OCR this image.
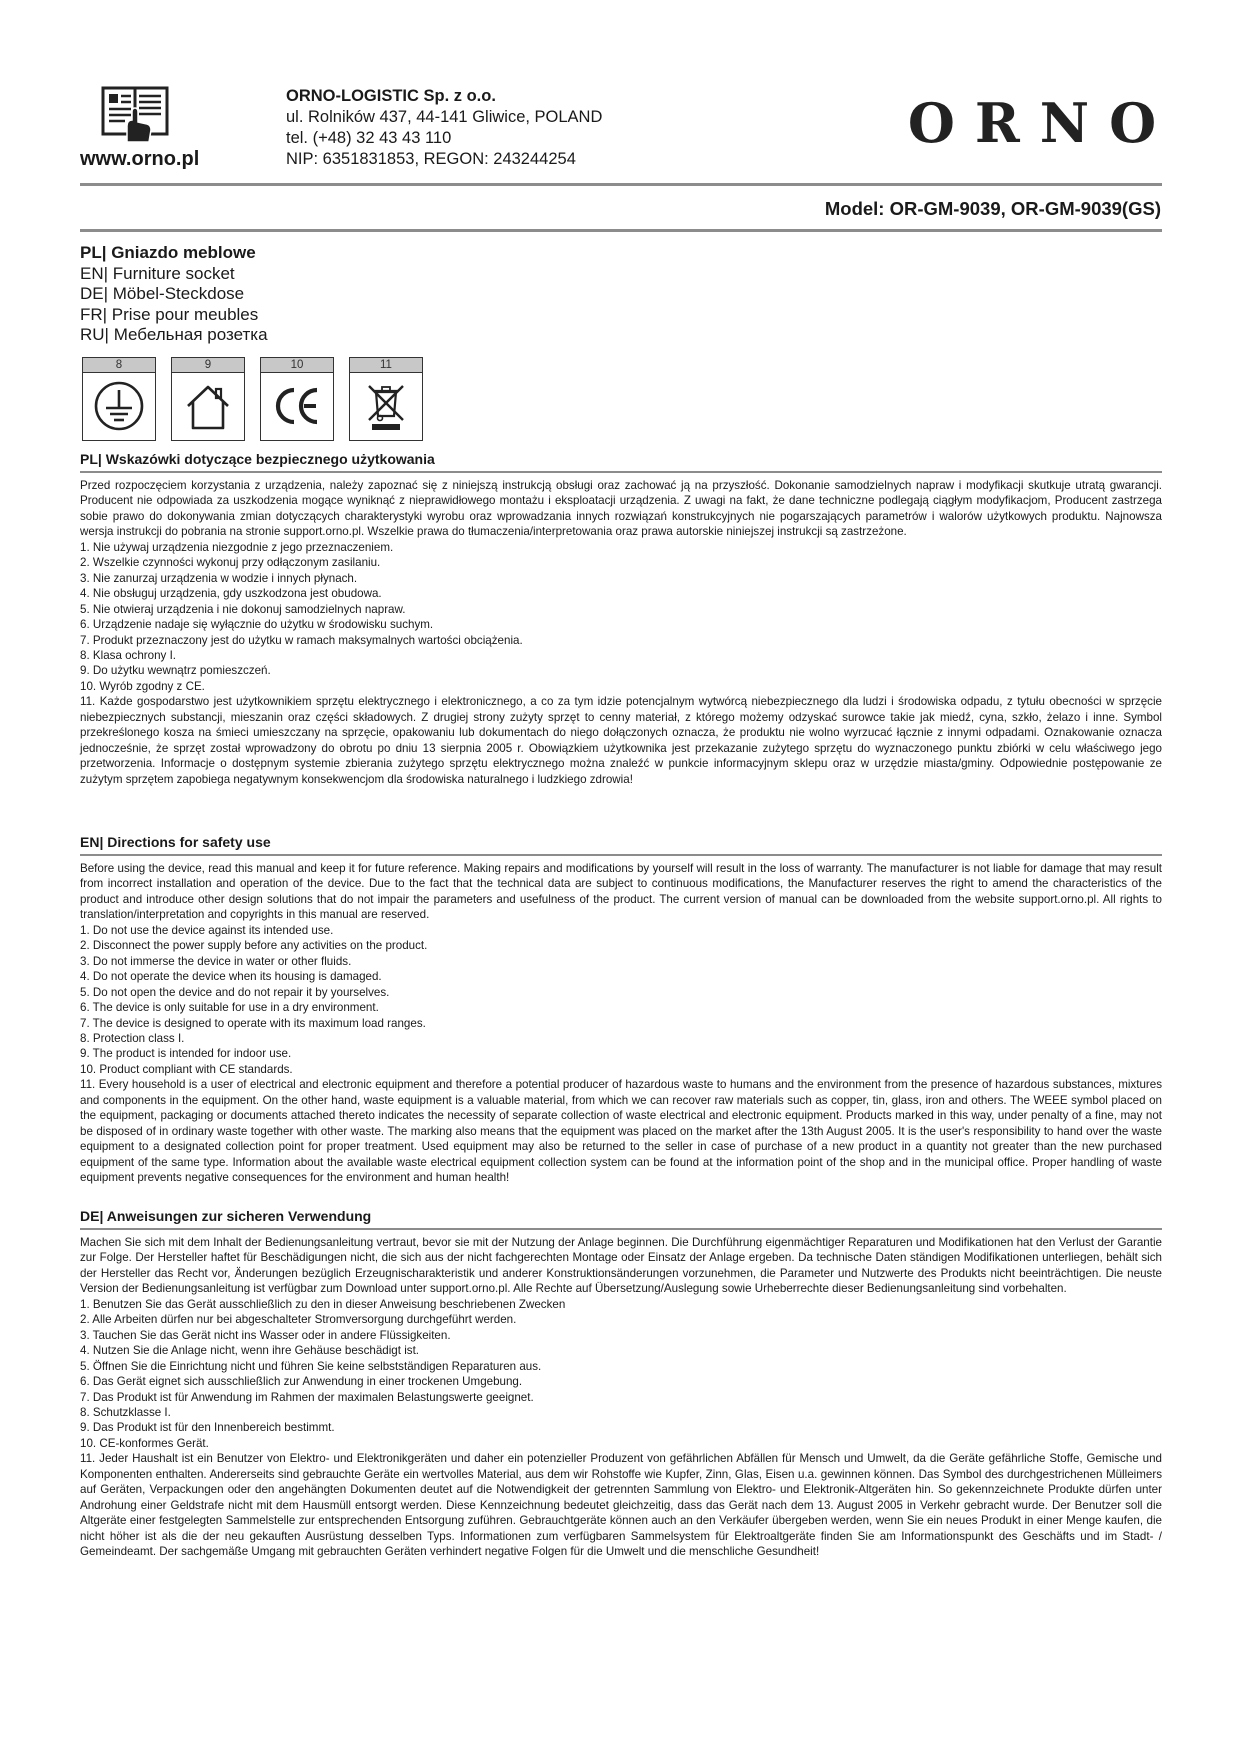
www.orno.pl
ORNO-LOGISTIC Sp. z o.o.
ul. Rolników 437, 44-141 Gliwice, POLAND
tel. (+48) 32 43 43 110
NIP: 6351831853, REGON: 243244254
ORNO
Model: OR-GM-9039, OR-GM-9039(GS)
PL| Gniazdo meblowe
EN| Furniture socket
DE| Möbel-Steckdose
FR| Prise pour meubles
RU| Мебельная розетка
8	9	10	11
PL| Wskazówki dotyczące bezpiecznego użytkowania

Przed rozpoczęciem korzystania z urządzenia, należy zapoznać się z niniejszą instrukcją obsługi oraz zachować ją na przyszłość. Dokonanie samodzielnych napraw i modyfikacji skutkuje utratą gwarancji. Producent nie odpowiada za uszkodzenia mogące wyniknąć z nieprawidłowego montażu i eksploatacji urządzenia. Z uwagi na fakt, że dane techniczne podlegają ciągłym modyfikacjom, Producent zastrzega sobie prawo do dokonywania zmian dotyczących charakterystyki wyrobu oraz wprowadzania innych rozwiązań konstrukcyjnych nie pogarszających parametrów i walorów użytkowych produktu. Najnowsza wersja instrukcji do pobrania na stronie support.orno.pl. Wszelkie prawa do tłumaczenia/interpretowania oraz prawa autorskie niniejszej instrukcji są zastrzeżone.

1. Nie używaj urządzenia niezgodnie z jego przeznaczeniem.
2. Wszelkie czynności wykonuj przy odłączonym zasilaniu.
3. Nie zanurzaj urządzenia w wodzie i innych płynach.
4. Nie obsługuj urządzenia, gdy uszkodzona jest obudowa.
5. Nie otwieraj urządzenia i nie dokonuj samodzielnych napraw.
6. Urządzenie nadaje się wyłącznie do użytku w środowisku suchym.
7. Produkt przeznaczony jest do użytku w ramach maksymalnych wartości obciążenia.
8. Klasa ochrony I.
9. Do użytku wewnątrz pomieszczeń.
10. Wyrób zgodny z CE.
11. Każde gospodarstwo jest użytkownikiem sprzętu elektrycznego i elektronicznego, a co za tym idzie potencjalnym wytwórcą niebezpiecznego dla ludzi i środowiska odpadu, z tytułu obecności w sprzęcie niebezpiecznych substancji, mieszanin oraz części składowych. Z drugiej strony zużyty sprzęt to cenny materiał, z którego możemy odzyskać surowce takie jak miedź, cyna, szkło, żelazo i inne. Symbol przekreślonego kosza na śmieci umieszczany na sprzęcie, opakowaniu lub dokumentach do niego dołączonych oznacza, że produktu nie wolno wyrzucać łącznie z innymi odpadami. Oznakowanie oznacza jednocześnie, że sprzęt został wprowadzony do obrotu po dniu 13 sierpnia 2005 r. Obowiązkiem użytkownika jest przekazanie zużytego sprzętu do wyznaczonego punktu zbiórki w celu właściwego jego przetworzenia. Informacje o dostępnym systemie zbierania zużytego sprzętu elektrycznego można znaleźć w punkcie informacyjnym sklepu oraz w urzędzie miasta/gminy. Odpowiednie postępowanie ze zużytym sprzętem zapobiega negatywnym konsekwencjom dla środowiska naturalnego i ludzkiego zdrowia!
EN| Directions for safety use

Before using the device, read this manual and keep it for future reference. Making repairs and modifications by yourself will result in the loss of warranty. The manufacturer is not liable for damage that may result from incorrect installation and operation of the device. Due to the fact that the technical data are subject to continuous modifications, the Manufacturer reserves the right to amend the characteristics of the product and introduce other design solutions that do not impair the parameters and usefulness of the product. The current version of manual can be downloaded from the website support.orno.pl. All rights to translation/interpretation and copyrights in this manual are reserved.

1. Do not use the device against its intended use.
2. Disconnect the power supply before any activities on the product.
3. Do not immerse the device in water or other fluids.
4. Do not operate the device when its housing is damaged.
5. Do not open the device and do not repair it by yourselves.
6. The device is only suitable for use in a dry environment.
7. The device is designed to operate with its maximum load ranges.
8. Protection class I.
9. The product is intended for indoor use.
10. Product compliant with CE standards.
11. Every household is a user of electrical and electronic equipment and therefore a potential producer of hazardous waste to humans and the environment from the presence of hazardous substances, mixtures and components in the equipment. On the other hand, waste equipment is a valuable material, from which we can recover raw materials such as copper, tin, glass, iron and others. The WEEE symbol placed on the equipment, packaging or documents attached thereto indicates the necessity of separate collection of waste electrical and electronic equipment. Products marked in this way, under penalty of a fine, may not be disposed of in ordinary waste together with other waste. The marking also means that the equipment was placed on the market after the 13th August 2005. It is the user's responsibility to hand over the waste equipment to a designated collection point for proper treatment. Used equipment may also be returned to the seller in case of purchase of a new product in a quantity not greater than the new purchased equipment of the same type. Information about the available waste electrical equipment collection system can be found at the information point of the shop and in the municipal office. Proper handling of waste equipment prevents negative consequences for the environment and human health!
DE| Anweisungen zur sicheren Verwendung

Machen Sie sich mit dem Inhalt der Bedienungsanleitung vertraut, bevor sie mit der Nutzung der Anlage beginnen. Die Durchführung eigenmächtiger Reparaturen und Modifikationen hat den Verlust der Garantie zur Folge. Der Hersteller haftet für Beschädigungen nicht, die sich aus der nicht fachgerechten Montage oder Einsatz der Anlage ergeben. Da technische Daten ständigen Modifikationen unterliegen, behält sich der Hersteller das Recht vor, Änderungen bezüglich Erzeugnischarakteristik und anderer Konstruktionsänderungen vorzunehmen, die Parameter und Nutzwerte des Produkts nicht beeinträchtigen. Die neuste Version der Bedienungsanleitung ist verfügbar zum Download unter support.orno.pl. Alle Rechte auf Übersetzung/Auslegung sowie Urheberrechte dieser Bedienungsanleitung sind vorbehalten.

1. Benutzen Sie das Gerät ausschließlich zu den in dieser Anweisung beschriebenen Zwecken
2. Alle Arbeiten dürfen nur bei abgeschalteter Stromversorgung durchgeführt werden.
3. Tauchen Sie das Gerät nicht ins Wasser oder in andere Flüssigkeiten.
4. Nutzen Sie die Anlage nicht, wenn ihre Gehäuse beschädigt ist.
5. Öffnen Sie die Einrichtung nicht und führen Sie keine selbstständigen Reparaturen aus.
6. Das Gerät eignet sich ausschließlich zur Anwendung in einer trockenen Umgebung.
7. Das Produkt ist für Anwendung im Rahmen der maximalen Belastungswerte geeignet.
8. Schutzklasse I.
9. Das Produkt ist für den Innenbereich bestimmt.
10. CE-konformes Gerät.
11. Jeder Haushalt ist ein Benutzer von Elektro- und Elektronikgeräten und daher ein potenzieller Produzent von gefährlichen Abfällen für Mensch und Umwelt, da die Geräte gefährliche Stoffe, Gemische und Komponenten enthalten. Andererseits sind gebrauchte Geräte ein wertvolles Material, aus dem wir Rohstoffe wie Kupfer, Zinn, Glas, Eisen u.a. gewinnen können. Das Symbol des durchgestrichenen Mülleimers auf Geräten, Verpackungen oder den angehängten Dokumenten deutet auf die Notwendigkeit der getrennten Sammlung von Elektro- und Elektronik-Altgeräten hin. So gekennzeichnete Produkte dürfen unter Androhung einer Geldstrafe nicht mit dem Hausmüll entsorgt werden. Diese Kennzeichnung bedeutet gleichzeitig, dass das Gerät nach dem 13. August 2005 in Verkehr gebracht wurde. Der Benutzer soll die Altgeräte einer festgelegten Sammelstelle zur entsprechenden Entsorgung zuführen. Gebrauchtgeräte können auch an den Verkäufer übergeben werden, wenn Sie ein neues Produkt in einer Menge kaufen, die nicht höher ist als die der neu gekauften Ausrüstung desselben Typs. Informationen zum verfügbaren Sammelsystem für Elektroaltgeräte finden Sie am Informationspunkt des Geschäfts und im Stadt- / Gemeindeamt. Der sachgemäße Umgang mit gebrauchten Geräten verhindert negative Folgen für die Umwelt und die menschliche Gesundheit!
